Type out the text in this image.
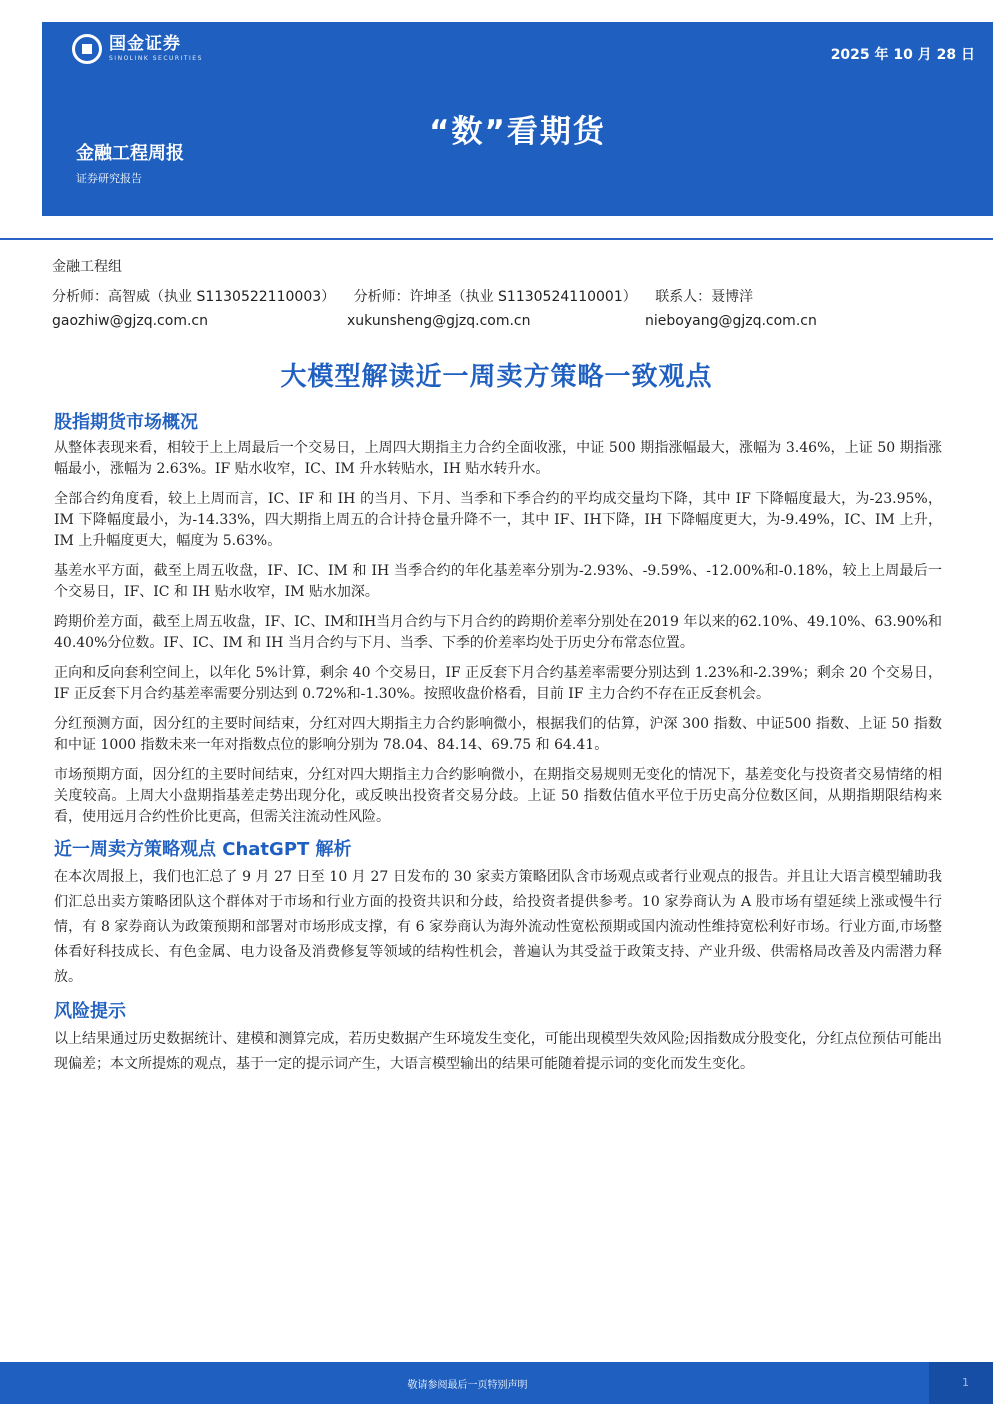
国金证券
SINOLINK SECURITIES	2025 年 10 月 28 日
“数”看期货
金融工程周报
证券研究报告
金融工程组
分析师：高智威（执业 S1130522110003） 分析师：许坤圣（执业 S1130524110001） 联系人：聂博洋
gaozhiw@gjzq.com.cn	xukunsheng@gjzq.com.cn	nieboyang@gjzq.com.cn
大模型解读近一周卖方策略一致观点
股指期货市场概况

从整体表现来看，相较于上上周最后一个交易日，上周四大期指主力合约全面收涨，中证 500 期指涨幅最大，涨幅为 3.46%，上证 50 期指涨幅最小，涨幅为 2.63%。IF 贴水收窄，IC、IM 升水转贴水，IH 贴水转升水。

全部合约角度看，较上上周而言，IC、IF 和 IH 的当月、下月、当季和下季合约的平均成交量均下降，其中 IF 下降幅度最大，为-23.95%，IM 下降幅度最小，为-14.33%，四大期指上周五的合计持仓量升降不一，其中 IF、IH下降，IH 下降幅度更大，为-9.49%，IC、IM 上升，IM 上升幅度更大，幅度为 5.63%。

基差水平方面，截至上周五收盘，IF、IC、IM 和 IH 当季合约的年化基差率分别为-2.93%、-9.59%、-12.00%和-0.18%，较上上周最后一个交易日，IF、IC 和 IH 贴水收窄，IM 贴水加深。

跨期价差方面，截至上周五收盘，IF、IC、IM和IH当月合约与下月合约的跨期价差率分别处在2019 年以来的62.10%、49.10%、63.90%和 40.40%分位数。IF、IC、IM 和 IH 当月合约与下月、当季、下季的价差率均处于历史分布常态位置。

正向和反向套利空间上，以年化 5%计算，剩余 40 个交易日，IF 正反套下月合约基差率需要分别达到 1.23%和-2.39%；剩余 20 个交易日，IF 正反套下月合约基差率需要分别达到 0.72%和-1.30%。按照收盘价格看，目前 IF 主力合约不存在正反套机会。

分红预测方面，因分红的主要时间结束，分红对四大期指主力合约影响微小，根据我们的估算，沪深 300 指数、中证500 指数、上证 50 指数和中证 1000 指数未来一年对指数点位的影响分别为 78.04、84.14、69.75 和 64.41。

市场预期方面，因分红的主要时间结束，分红对四大期指主力合约影响微小，在期指交易规则无变化的情况下，基差变化与投资者交易情绪的相关度较高。上周大小盘期指基差走势出现分化，或反映出投资者交易分歧。上证 50 指数估值水平位于历史高分位数区间，从期指期限结构来看，使用远月合约性价比更高，但需关注流动性风险。

近一周卖方策略观点 ChatGPT 解析

在本次周报上，我们也汇总了 9 月 27 日至 10 月 27 日发布的 30 家卖方策略团队含市场观点或者行业观点的报告。并且让大语言模型辅助我们汇总出卖方策略团队这个群体对于市场和行业方面的投资共识和分歧，给投资者提供参考。10 家券商认为 A 股市场有望延续上涨或慢牛行情，有 8 家券商认为政策预期和部署对市场形成支撑，有 6 家券商认为海外流动性宽松预期或国内流动性维持宽松利好市场。行业方面,市场整体看好科技成长、有色金属、电力设备及消费修复等领域的结构性机会，普遍认为其受益于政策支持、产业升级、供需格局改善及内需潜力释放。

风险提示

以上结果通过历史数据统计、建模和测算完成，若历史数据产生环境发生变化，可能出现模型失效风险;因指数成分股变化，分红点位预估可能出现偏差；本文所提炼的观点，基于一定的提示词产生，大语言模型输出的结果可能随着提示词的变化而发生变化。

敬请参阅最后一页特别声明	1
